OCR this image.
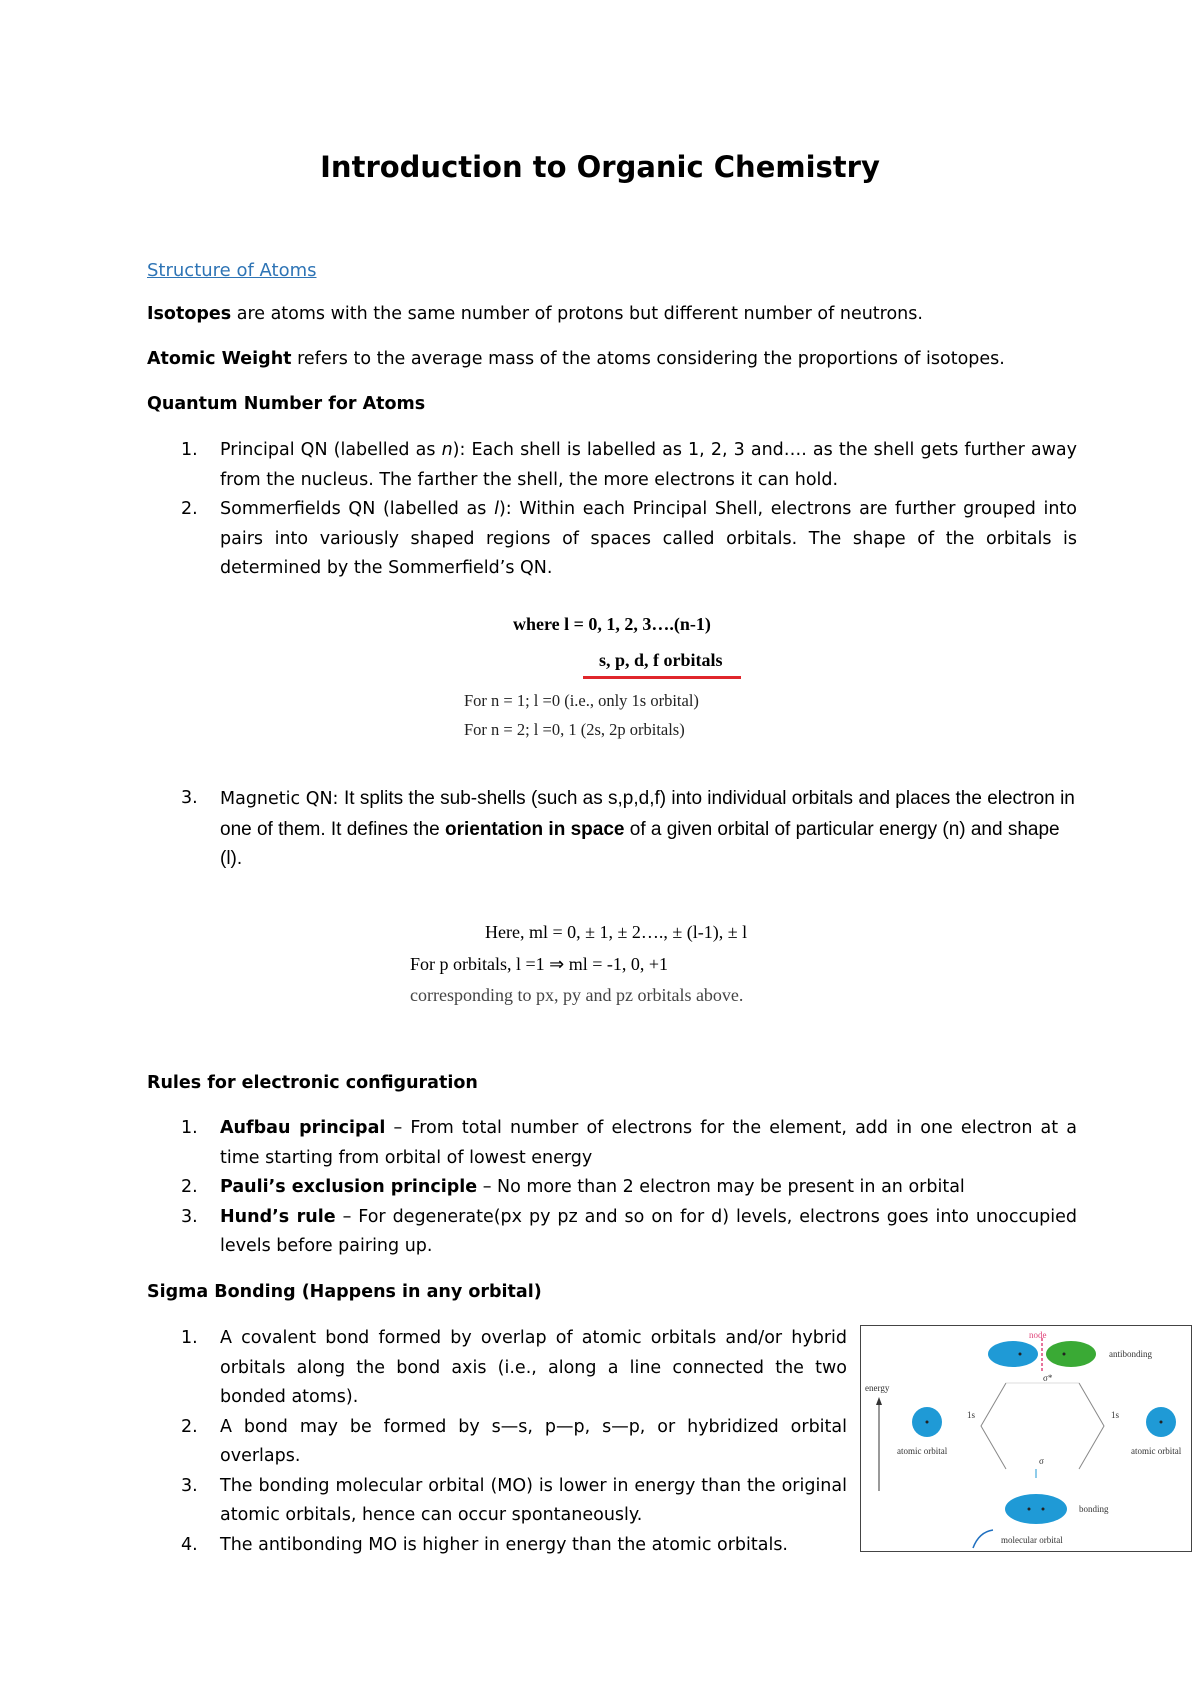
Introduction to Organic Chemistry
Structure of Atoms
Isotopes are atoms with the same number of protons but different number of neutrons.
Atomic Weight refers to the average mass of the atoms considering the proportions of isotopes.
Quantum Number for Atoms
1. Principal QN (labelled as n): Each shell is labelled as 1, 2, 3 and…. as the shell gets further away from the nucleus. The farther the shell, the more electrons it can hold.
2. Sommerfields QN (labelled as l): Within each Principal Shell, electrons are further grouped into pairs into variously shaped regions of spaces called orbitals. The shape of the orbitals is determined by the Sommerfield’s QN.
where l = 0, 1, 2, 3….(n-1)
s, p, d, f orbitals
For n = 1; l =0 (i.e., only 1s orbital)
For n = 2; l =0, 1 (2s, 2p orbitals)
3. Magnetic QN: It splits the sub-shells (such as s,p,d,f) into individual orbitals and places the electron in one of them. It defines the orientation in space of a given orbital of particular energy (n) and shape (l).
Here, ml = 0, ± 1, ± 2…., ± (l-1), ± l
For p orbitals, l =1 ⇒ ml = -1, 0, +1
corresponding to px, py and pz orbitals above.
Rules for electronic configuration
1. Aufbau principal – From total number of electrons for the element, add in one electron at a time starting from orbital of lowest energy
2. Pauli’s exclusion principle – No more than 2 electron may be present in an orbital
3. Hund’s rule – For degenerate(px py pz and so on for d) levels, electrons goes into unoccupied levels before pairing up.
Sigma Bonding (Happens in any orbital)
1. A covalent bond formed by overlap of atomic orbitals and/or hybrid orbitals along the bond axis (i.e., along a line connected the two bonded atoms).
2. A bond may be formed by s—s, p—p, s—p, or hybridized orbital overlaps.
3. The bonding molecular orbital (MO) is lower in energy than the original atomic orbitals, hence can occur spontaneously.
4. The antibonding MO is higher in energy than the atomic orbitals.
node
antibonding
σ*
energy
1s	1s
atomic orbital	atomic orbital
σ
bonding
molecular orbital
